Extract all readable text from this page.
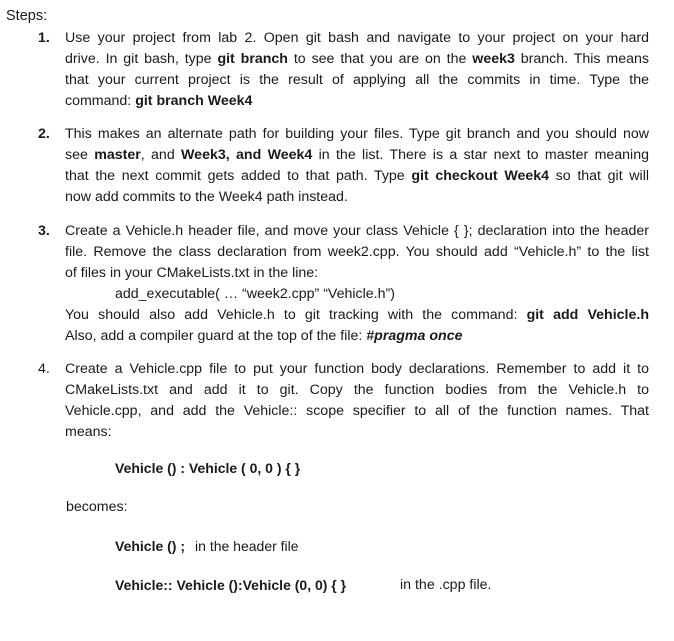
Steps:
1. Use your project from lab 2. Open git bash and navigate to your project on your hard
drive. In git bash, type git branch to see that you are on the week3 branch. This means
that your current project is the result of applying all the commits in time. Type the
command: git branch Week4
2. This makes an alternate path for building your files. Type git branch and you should now
see master, and Week3, and Week4 in the list. There is a star next to master meaning
that the next commit gets added to that path. Type git checkout Week4 so that git will
now add commits to the Week4 path instead.
3. Create a Vehicle.h header file, and move your class Vehicle { }; declaration into the header
file. Remove the class declaration from week2.cpp. You should add “Vehicle.h” to the list
of files in your CMakeLists.txt in the line:
add_executable( … “week2.cpp” “Vehicle.h”)
You should also add Vehicle.h to git tracking with the command: git add Vehicle.h
Also, add a compiler guard at the top of the file: #pragma once
4. Create a Vehicle.cpp file to put your function body declarations. Remember to add it to
CMakeLists.txt and add it to git. Copy the function bodies from the Vehicle.h to
Vehicle.cpp, and add the Vehicle:: scope specifier to all of the function names. That
means:
Vehicle () : Vehicle ( 0, 0 ) { }
becomes:
Vehicle () ; in the header file
Vehicle:: Vehicle ():Vehicle (0, 0) { }	in the .cpp file.
